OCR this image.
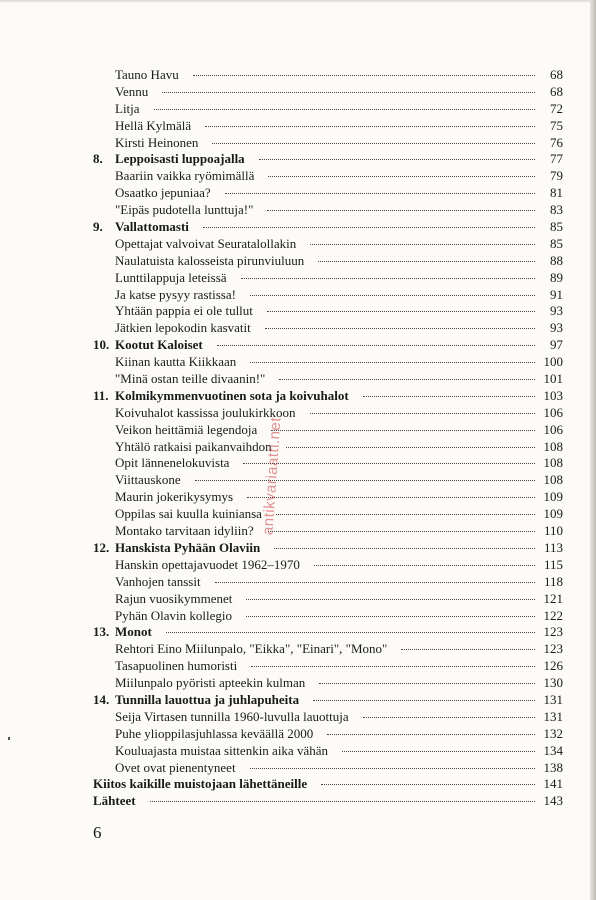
Tauno Havu	68
Vennu	68
Litja	72
Hellä Kylmälä	75
Kirsti Heinonen	76
8. Leppoisasti luppoajalla	77
Baariin vaikka ryömimällä	79
Osaatko jepuniaa?	81
"Eipäs pudotella lunttuja!"	83
9. Vallattomasti	85
Opettajat valvoivat Seuratalollakin	85
Naulatuista kalosseista pirunviuluun	88
Lunttilappuja leteissä	89
Ja katse pysyy rastissa!	91
Yhtään pappia ei ole tullut	93
Jätkien lepokodin kasvatit	93
10. Kootut Kaloiset	97
Kiinan kautta Kiikkaan	100
"Minä ostan teille divaanin!"	101
11. Kolmikymmenvuotinen sota ja koivuhalot	103
Koivuhalot kassissa joulukirkkoon	106
Veikon heittämiä legendoja	106
Yhtälö ratkaisi paikanvaihdon	108
Opit lännenelokuvista	108
Viittauskone	108
Maurin jokerikysymys	109
Oppilas sai kuulla kuiniansa	109
Montako tarvitaan idyliin?	110
12. Hanskista Pyhään Olaviin	113
Hanskin opettajavuodet 1962–1970	115
Vanhojen tanssit	118
Rajun vuosikymmenet	121
Pyhän Olavin kollegio	122
13. Monot	123
Rehtori Eino Miilunpalo, "Eikka", "Einari", "Mono"	123
Tasapuolinen humoristi	126
Miilunpalo pyöristi apteekin kulman	130
14. Tunnilla lauottua ja juhlapuheita	131
Seija Virtasen tunnilla 1960-luvulla lauottuja	131
Puhe ylioppilasjuhlassa keväällä 2000	132
Kouluajasta muistaa sittenkin aika vähän	134
Ovet ovat pienentyneet	138
Kiitos kaikille muistojaan lähettäneille	141
Lähteet	143
antikvariaatti.net
6
